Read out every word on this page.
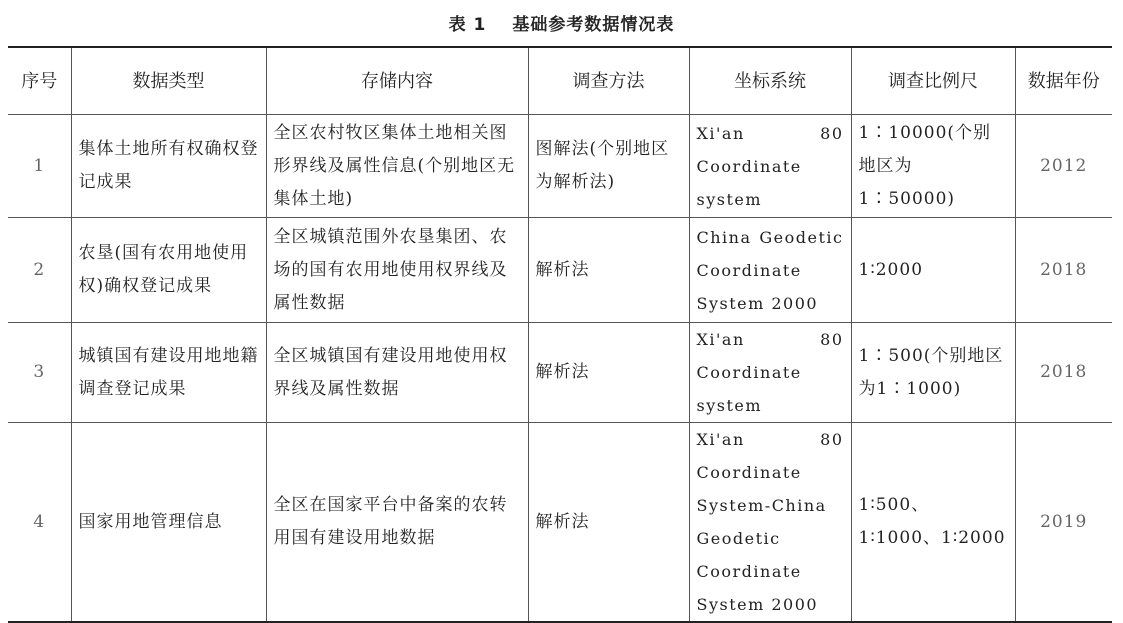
表 1 基础参考数据情况表
序号	数据类型	存储内容	调查方法	坐标系统	调查比例尺	数据年份
1	集体土地所有权确权登记成果	全区农村牧区集体土地相关图形界线及属性信息(个别地区无集体土地)	图解法(个别地区为解析法)	Xi'an 80 Coordinate system	1∶10000(个别地区为1∶50000)	2012
2	农垦(国有农用地使用权)确权登记成果	全区城镇范围外农垦集团、农场的国有农用地使用权界线及属性数据	解析法	China Geodetic Coordinate System 2000	1∶2000	2018
3	城镇国有建设用地地籍调查登记成果	全区城镇国有建设用地使用权界线及属性数据	解析法	Xi'an 80 Coordinate system	1∶500(个别地区为1∶1000)	2018
4	国家用地管理信息	全区在国家平台中备案的农转用国有建设用地数据	解析法	Xi'an 80 Coordinate System-China Geodetic Coordinate System 2000	1∶500、1∶1000、1∶2000	2019
